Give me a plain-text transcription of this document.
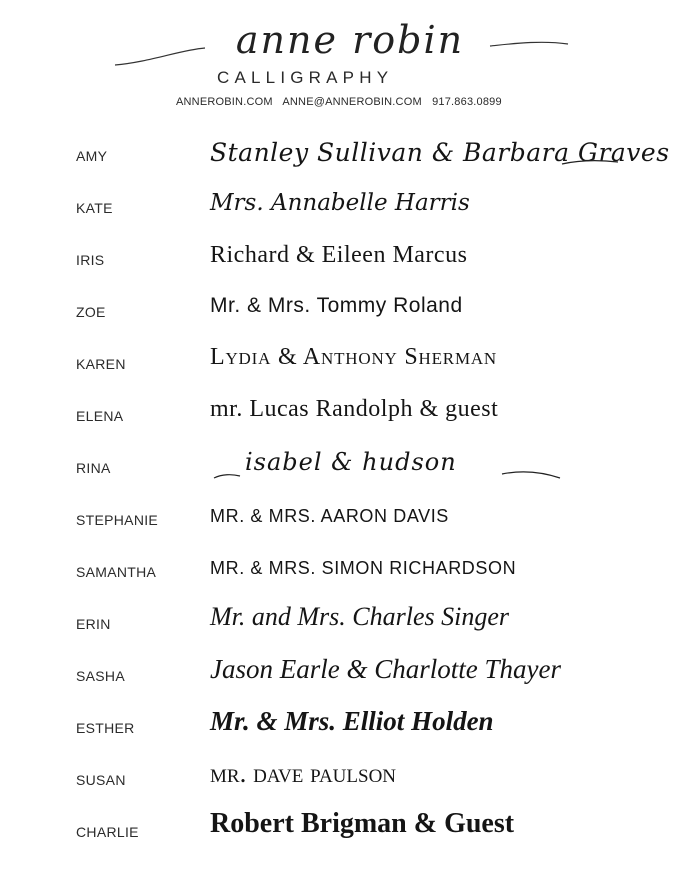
anne robin
CALLIGRAPHY
ANNEROBIN.COM ANNE@ANNEROBIN.COM 917.863.0899
AMY	Stanley Sullivan & Barbara Graves
KATE	Mrs. Annabelle Harris
IRIS	Richard & Eileen Marcus
ZOE	Mr. & Mrs. Tommy Roland
KAREN	Lydia & Anthony Sherman
ELENA	mr. Lucas Randolph & guest
RINA	isabel & hudson
STEPHANIE	MR. & MRS. AARON DAVIS
SAMANTHA	MR. & MRS. SIMON RICHARDSON
ERIN	Mr. and Mrs. Charles Singer
SASHA	Jason Earle & Charlotte Thayer
ESTHER	Mr. & Mrs. Elliot Holden
SUSAN	mr. dave paulson
CHARLIE	Robert Brigman & Guest
